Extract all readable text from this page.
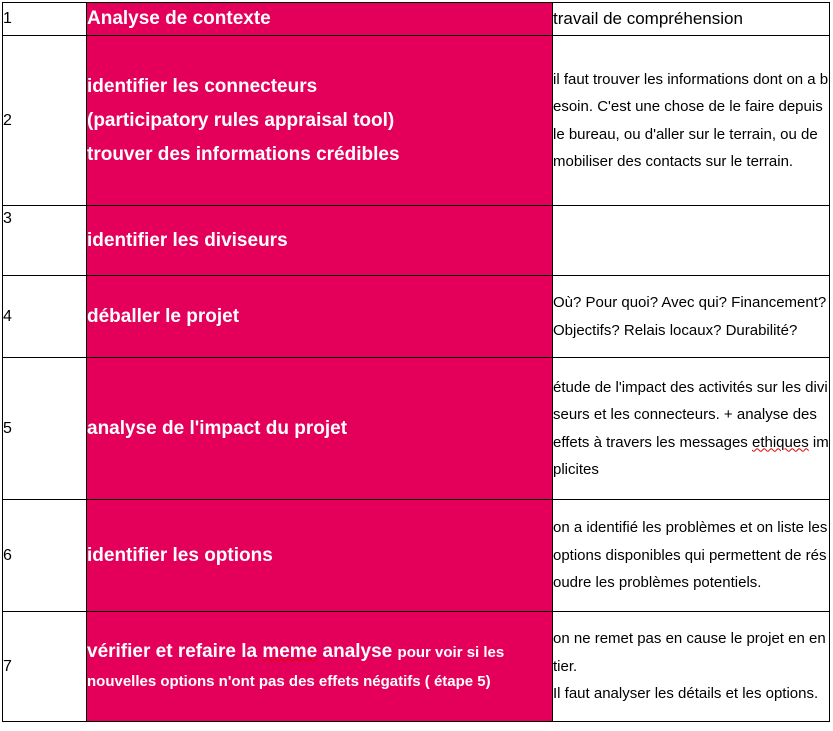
1	Analyse de contexte	travail de compréhension
2	identifier les connecteurs
(participatory rules appraisal tool)
trouver des informations crédibles	il faut trouver les informations dont on a besoin. C'est une chose de le faire depuis le bureau, ou d'aller sur le terrain, ou de mobiliser des contacts sur le terrain.
3	identifier les diviseurs	
4	déballer le projet	Où? Pour quoi? Avec qui? Financement? Objectifs? Relais locaux? Durabilité?
5	analyse de l'impact du projet	étude de l'impact des activités sur les diviseurs et les connecteurs. + analyse des effets à travers les messages ethiques implicites
6	identifier les options	on a identifié les problèmes et on liste les options disponibles qui permettent de résoudre les problèmes potentiels.
7	vérifier et refaire la meme analyse pour voir si les nouvelles options n'ont pas des effets négatifs ( étape 5)	on ne remet pas en cause le projet en entier.
Il faut analyser les détails et les options.
